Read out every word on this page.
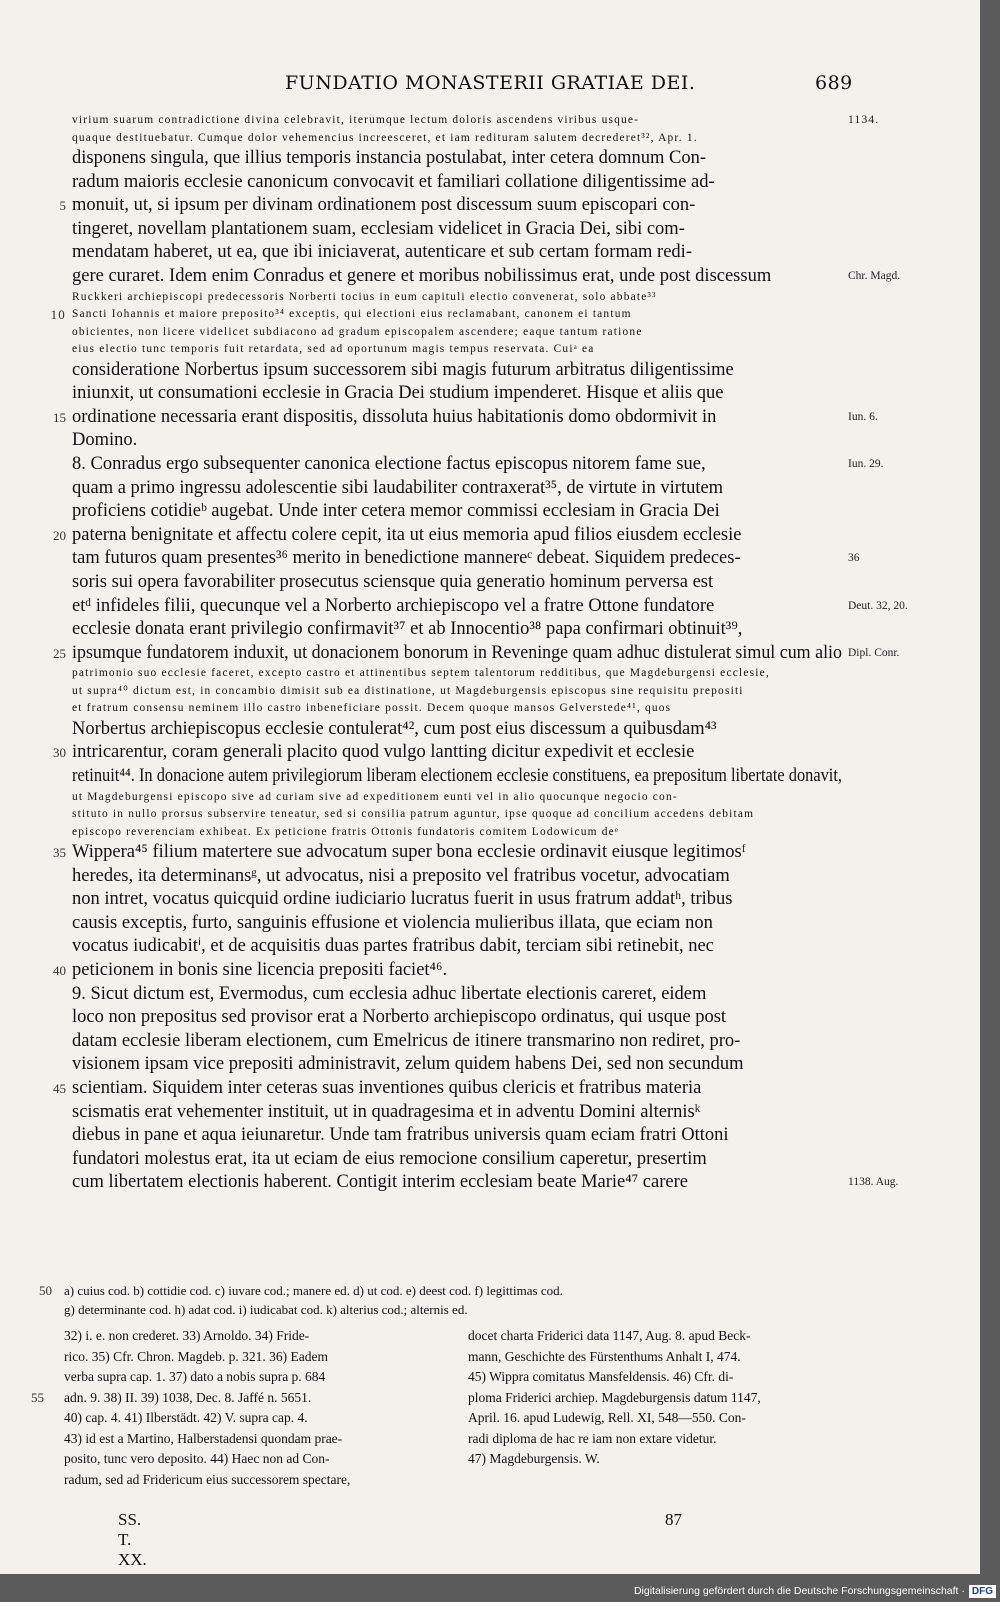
FUNDATIO MONASTERII GRATIAE DEI.	689
virium suarum contradictione divina celebravit, iterumque lectum doloris ascendens viribus usque-	1134.
quaque destituebatur. Cumque dolor vehemencius increesceret, et iam redituram salutem decrederet³², Apr. 1.
disponens singula, que illius temporis instancia postulabat, inter cetera domnum Con-
radum maioris ecclesie canonicum convocavit et familiari collatione diligentissime ad-
monuit, ut, si ipsum per divinam ordinationem post discessum suum episcopari con-
5
tingeret, novellam plantationem suam, ecclesiam videlicet in Gracia Dei, sibi com-
mendatam haberet, ut ea, que ibi iniciaverat, autenticare et sub certam formam redi-
gere curaret. Idem enim Conradus et genere et moribus nobilissimus erat, unde post discessum	Chr. Magd.
Ruckkeri archiepiscopi predecessoris Norberti tocius in eum capituli electio convenerat, solo abbate³³
Sancti Iohannis et maiore preposito³⁴ exceptis, qui electioni eius reclamabant, canonem ei tantum
10
obicientes, non licere videlicet subdiacono ad gradum episcopalem ascendere; eaque tantum ratione
eius electio tunc temporis fuit retardata, sed ad oportunum magis tempus reservata. Cuiᵃ ea
consideratione Norbertus ipsum successorem sibi magis futurum arbitratus diligentissime
iniunxit, ut consumationi ecclesie in Gracia Dei studium impenderet. Hisque et aliis que
ordinatione necessaria erant dispositis, dissoluta huius habitationis domo obdormivit in
15	Iun. 6.
Domino.
8. Conradus ergo subsequenter canonica electione factus episcopus nitorem fame sue,	Iun. 29.
quam a primo ingressu adolescentie sibi laudabiliter contraxerat³⁵, de virtute in virtutem
proficiens cotidieᵇ augebat. Unde inter cetera memor commissi ecclesiam in Gracia Dei
paterna benignitate et affectu colere cepit, ita ut eius memoria apud filios eiusdem ecclesie
20
tam futuros quam presentes³⁶ merito in benedictione mannereᶜ debeat. Siquidem predeces-	36
soris sui opera favorabiliter prosecutus sciensque quia generatio hominum perversa est
etᵈ infideles filii, quecunque vel a Norberto archiepiscopo vel a fratre Ottone fundatore	Deut. 32, 20.
ecclesie donata erant privilegio confirmavit³⁷ et ab Innocentio³⁸ papa confirmari obtinuit³⁹,
ipsumque fundatorem induxit, ut donacionem bonorum in Reveninge quam adhuc distulerat simul cum alio
25	Dipl. Conr.
patrimonio suo ecclesie faceret, excepto castro et attinentibus septem talentorum redditibus, que Magdeburgensi ecclesie,
ut supra⁴⁰ dictum est, in concambio dimisit sub ea distinatione, ut Magdeburgensis episcopus sine requisitu prepositi
et fratrum consensu neminem illo castro inbeneficiare possit. Decem quoque mansos Gelverstede⁴¹, quos
Norbertus archiepiscopus ecclesie contulerat⁴², cum post eius discessum a quibusdam⁴³
intricarentur, coram generali placito quod vulgo lantting dicitur expedivit et ecclesie
30
retinuit⁴⁴. In donacione autem privilegiorum liberam electionem ecclesie constituens, ea prepositum libertate donavit,
ut Magdeburgensi episcopo sive ad curiam sive ad expeditionem eunti vel in alio quocunque negocio con-
stituto in nullo prorsus subservire teneatur, sed si consilia patrum aguntur, ipse quoque ad concilium accedens debitam
episcopo reverenciam exhibeat. Ex peticione fratris Ottonis fundatoris comitem Lodowicum deᵉ
Wippera⁴⁵ filium matertere sue advocatum super bona ecclesie ordinavit eiusque legitimosᶠ
35
heredes, ita determinansᵍ, ut advocatus, nisi a preposito vel fratribus vocetur, advocatiam
non intret, vocatus quicquid ordine iudiciario lucratus fuerit in usus fratrum addatʰ, tribus
causis exceptis, furto, sanguinis effusione et violencia mulieribus illata, que eciam non
vocatus iudicabitⁱ, et de acquisitis duas partes fratribus dabit, terciam sibi retinebit, nec
peticionem in bonis sine licencia prepositi faciet⁴⁶.
40
9. Sicut dictum est, Evermodus, cum ecclesia adhuc libertate electionis careret, eidem
loco non prepositus sed provisor erat a Norberto archiepiscopo ordinatus, qui usque post
datam ecclesie liberam electionem, cum Emelricus de itinere transmarino non rediret, pro-
visionem ipsam vice prepositi administravit, zelum quidem habens Dei, sed non secundum
scientiam. Siquidem inter ceteras suas inventiones quibus clericis et fratribus materia
45
scismatis erat vehementer instituit, ut in quadragesima et in adventu Domini alternisᵏ
diebus in pane et aqua ieiunaretur. Unde tam fratribus universis quam eciam fratri Ottoni
fundatori molestus erat, ita ut eciam de eius remocione consilium caperetur, presertim
cum libertatem electionis haberent. Contigit interim ecclesiam beate Marie⁴⁷ carere	1138. Aug.
a) cuius cod. b) cottidie cod. c) iuvare cod.; manere ed. d) ut cod. e) deest cod. f) legittimas cod.
50
g) determinante cod. h) adat cod. i) iudicabat cod. k) alterius cod.; alternis ed.
32) i. e. non crederet. 33) Arnoldo. 34) Fride-
rico. 35) Cfr. Chron. Magdeb. p. 321. 36) Eadem
verba supra cap. 1. 37) dato a nobis supra p. 684
adn. 9. 38) II. 39) 1038, Dec. 8. Jaffé n. 5651.
55
40) cap. 4. 41) Ilberstädt. 42) V. supra cap. 4.
43) id est a Martino, Halberstadensi quondam prae-
posito, tunc vero deposito. 44) Haec non ad Con-
radum, sed ad Fridericum eius successorem spectare,
docet charta Friderici data 1147, Aug. 8. apud Beck-
mann, Geschichte des Fürstenthums Anhalt I, 474.
45) Wippra comitatus Mansfeldensis. 46) Cfr. di-
ploma Friderici archiep. Magdeburgensis datum 1147,
April. 16. apud Ludewig, Rell. XI, 548—550. Con-
radi diploma de hac re iam non extare videtur.
47) Magdeburgensis. W.
SS. T. XX.
87
Digitalisierung gefördert durch die Deutsche Forschungsgemeinschaft · DFG
